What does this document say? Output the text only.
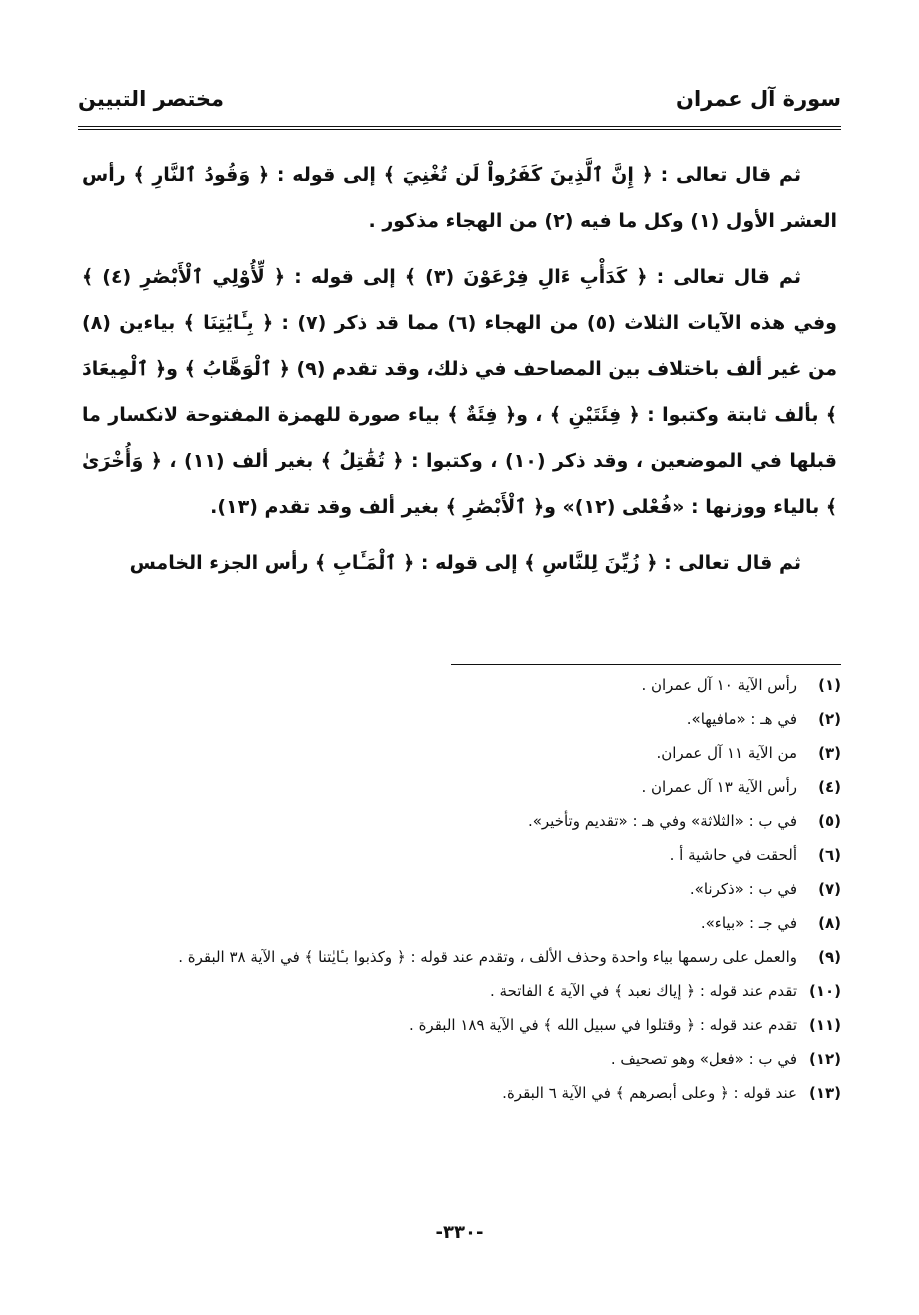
سورة آل عمران
مختصر التبيين

ثم قال تعالى : ﴿ إِنَّ ٱلَّذِينَ كَفَرُواْ لَن تُغْنِيَ ﴾ إلى قوله : ﴿ وَقُودُ ٱلنَّارِ ﴾ رأس العشر الأول (١) وكل ما فيه (٢) من الهجاء مذكور .

ثم قال تعالى : ﴿ كَدَأْبِ ءَالِ فِرْعَوْنَ (٣) ﴾ إلى قوله : ﴿ لِّأُوْلِي ٱلْأَبْصَٰرِ (٤) ﴾ وفي هذه الآيات الثلاث (٥) من الهجاء (٦) مما قد ذكر (٧) : ﴿ بِـَٔايَٰتِنَا ﴾ بياءين (٨) من غير ألف باختلاف بين المصاحف في ذلك، وقد تقدم (٩) ﴿ ٱلْوَهَّابُ ﴾ و﴿ ٱلْمِيعَادَ ﴾ بألف ثابتة وكتبوا : ﴿ فِئَتَيْنِ ﴾ ، و﴿ فِئَةٌ ﴾ بياء صورة للهمزة المفتوحة لانكسار ما قبلها في الموضعين ، وقد ذكر (١٠) ، وكتبوا : ﴿ تُقَٰتِلُ ﴾ بغير ألف (١١) ، ﴿ وَأُخْرَىٰ ﴾ بالياء ووزنها : «فُعْلى (١٢)» و﴿ ٱلْأَبْصَٰرِ ﴾ بغير ألف وقد تقدم (١٣).

ثم قال تعالى : ﴿ زُيِّنَ لِلنَّاسِ ﴾ إلى قوله : ﴿ ٱلْمَـَٔابِ ﴾ رأس الجزء الخامس

(١)
رأس الآية ١٠ آل عمران .
(٢)
في هـ : «مافيها».
(٣)
من الآية ١١ آل عمران.
(٤)
رأس الآية ١٣ آل عمران .
(٥)
في ب : «الثلاثة» وفي هـ : «تقديم وتأخير».
(٦)
ألحقت في حاشية أ .
(٧)
في ب : «ذكرنا».
(٨)
في جـ : «بياء».
(٩)
والعمل على رسمها بياء واحدة وحذف الألف ، وتقدم عند قوله : ﴿ وكذبوا بـٔايٰتنا ﴾ في الآية ٣٨ البقرة .
(١٠)
تقدم عند قوله : ﴿ إياك نعبد ﴾ في الآية ٤ الفاتحة .
(١١)
تقدم عند قوله : ﴿ وقتلوا في سبيل الله ﴾ في الآية ١٨٩ البقرة .
(١٢)
في ب : «فعل» وهو تصحيف .
(١٣)
عند قوله : ﴿ وعلى أبصرهم ﴾ في الآية ٦ البقرة.
-٣٣٠-
